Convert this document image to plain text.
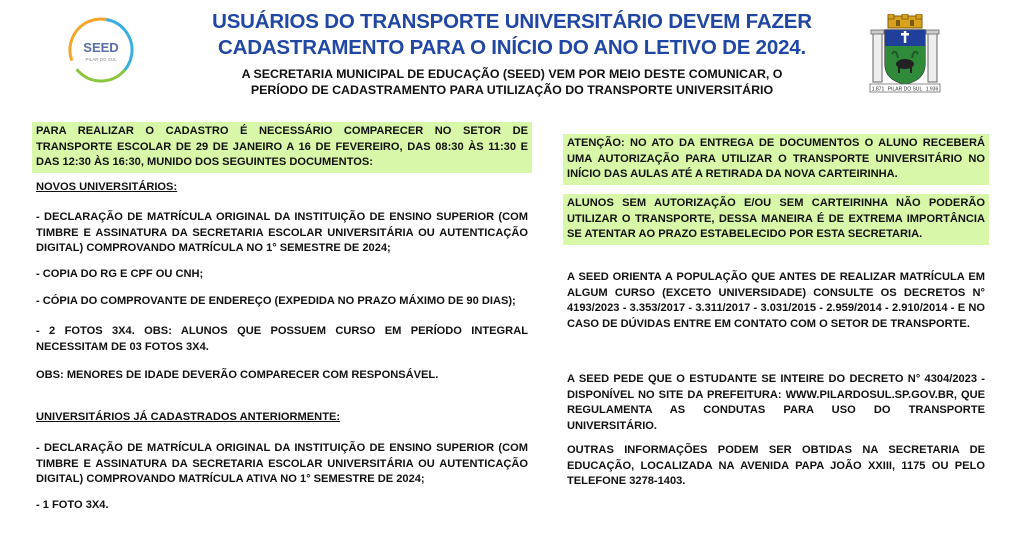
SEED
PILAR DO SUL
USUÁRIOS DO TRANSPORTE UNIVERSITÁRIO DEVEM FAZER
CADASTRAMENTO PARA O INÍCIO DO ANO LETIVO DE 2024.
A SECRETARIA MUNICIPAL DE EDUCAÇÃO (SEED) VEM POR MEIO DESTE COMUNICAR, O
PERÍODO DE CADASTRAMENTO PARA UTILIZAÇÃO DO TRANSPORTE UNIVERSITÁRIO	1.871 PILAR DO SUL 1.936

PARA REALIZAR O CADASTRO É NECESSÁRIO COMPARECER NO SETOR DE TRANSPORTE ESCOLAR DE 29 DE JANEIRO A 16 DE FEVEREIRO, DAS 08:30 ÀS 11:30 E DAS 12:30 ÀS 16:30, MUNIDO DOS SEGUINTES DOCUMENTOS:

NOVOS UNIVERSITÁRIOS:

- DECLARAÇÃO DE MATRÍCULA ORIGINAL DA INSTITUIÇÃO DE ENSINO SUPERIOR (COM TIMBRE E ASSINATURA DA SECRETARIA ESCOLAR UNIVERSITÁRIA OU AUTENTICAÇÃO DIGITAL) COMPROVANDO MATRÍCULA NO 1° SEMESTRE DE 2024;

- COPIA DO RG E CPF OU CNH;

- CÓPIA DO COMPROVANTE DE ENDEREÇO (EXPEDIDA NO PRAZO MÁXIMO DE 90 DIAS);

- 2 FOTOS 3X4. OBS: ALUNOS QUE POSSUEM CURSO EM PERÍODO INTEGRAL NECESSITAM DE 03 FOTOS 3X4.

OBS: MENORES DE IDADE DEVERÃO COMPARECER COM RESPONSÁVEL.

UNIVERSITÁRIOS JÁ CADASTRADOS ANTERIORMENTE:

- DECLARAÇÃO DE MATRÍCULA ORIGINAL DA INSTITUIÇÃO DE ENSINO SUPERIOR (COM TIMBRE E ASSINATURA DA SECRETARIA ESCOLAR UNIVERSITÁRIA OU AUTENTICAÇÃO DIGITAL) COMPROVANDO MATRÍCULA ATIVA NO 1° SEMESTRE DE 2024;

- 1 FOTO 3X4.

ATENÇÃO: NO ATO DA ENTREGA DE DOCUMENTOS O ALUNO RECEBERÁ UMA AUTORIZAÇÃO PARA UTILIZAR O TRANSPORTE UNIVERSITÁRIO NO INÍCIO DAS AULAS ATÉ A RETIRADA DA NOVA CARTEIRINHA.

ALUNOS SEM AUTORIZAÇÃO E/OU SEM CARTEIRINHA NÃO PODERÃO UTILIZAR O TRANSPORTE, DESSA MANEIRA É DE EXTREMA IMPORTÂNCIA SE ATENTAR AO PRAZO ESTABELECIDO POR ESTA SECRETARIA.

A SEED ORIENTA A POPULAÇÃO QUE ANTES DE REALIZAR MATRÍCULA EM ALGUM CURSO (EXCETO UNIVERSIDADE) CONSULTE OS DECRETOS N° 4193/2023 - 3.353/2017 - 3.311/2017 - 3.031/2015 - 2.959/2014 - 2.910/2014 - E NO CASO DE DÚVIDAS ENTRE EM CONTATO COM O SETOR DE TRANSPORTE.

A SEED PEDE QUE O ESTUDANTE SE INTEIRE DO DECRETO N° 4304/2023 - DISPONÍVEL NO SITE DA PREFEITURA: WWW.PILARDOSUL.SP.GOV.BR, QUE REGULAMENTA AS CONDUTAS PARA USO DO TRANSPORTE UNIVERSITÁRIO.

OUTRAS INFORMAÇÕES PODEM SER OBTIDAS NA SECRETARIA DE EDUCAÇÃO, LOCALIZADA NA AVENIDA PAPA JOÃO XXIII, 1175 OU PELO TELEFONE 3278-1403.
